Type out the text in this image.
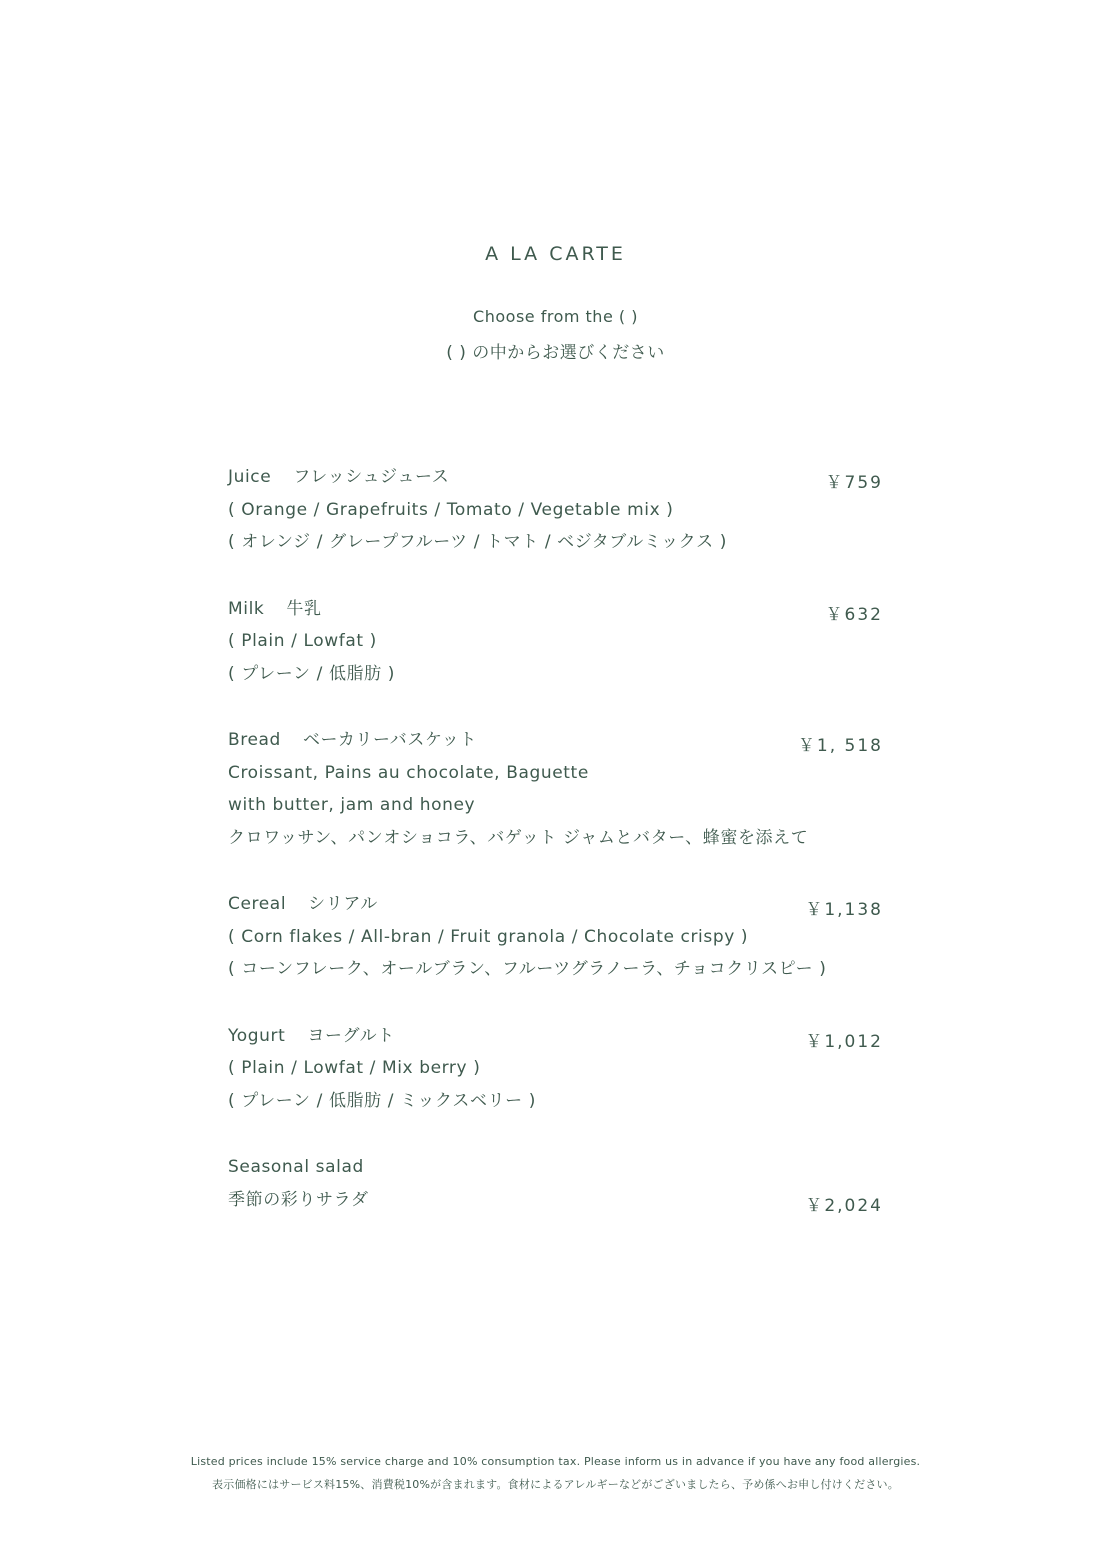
A LA CARTE
Choose from the ( )
( ) の中からお選びください
Juice フレッシュジュース
( Orange / Grapefruits / Tomato / Vegetable mix )
( オレンジ / グレープフルーツ / トマト / ベジタブルミックス )
￥759
Milk 牛乳
( Plain / Lowfat )
( プレーン / 低脂肪 )
￥632
Bread ベーカリーバスケット
Croissant, Pains au chocolate, Baguette
with butter, jam and honey
クロワッサン、パンオショコラ、バゲット ジャムとバター、蜂蜜を添えて
￥1, 518
Cereal シリアル
( Corn flakes / All-bran / Fruit granola / Chocolate crispy )
( コーンフレーク、オールブラン、フルーツグラノーラ、チョコクリスピー )
￥1,138
Yogurt ヨーグルト
( Plain / Lowfat / Mix berry )
( プレーン / 低脂肪 / ミックスベリー )
￥1,012
Seasonal salad
季節の彩りサラダ	￥2,024
Listed prices include 15% service charge and 10% consumption tax. Please inform us in advance if you have any food allergies.
表示価格にはサービス料15%、消費税10%が含まれます。食材によるアレルギーなどがございましたら、予め係へお申し付けください。
